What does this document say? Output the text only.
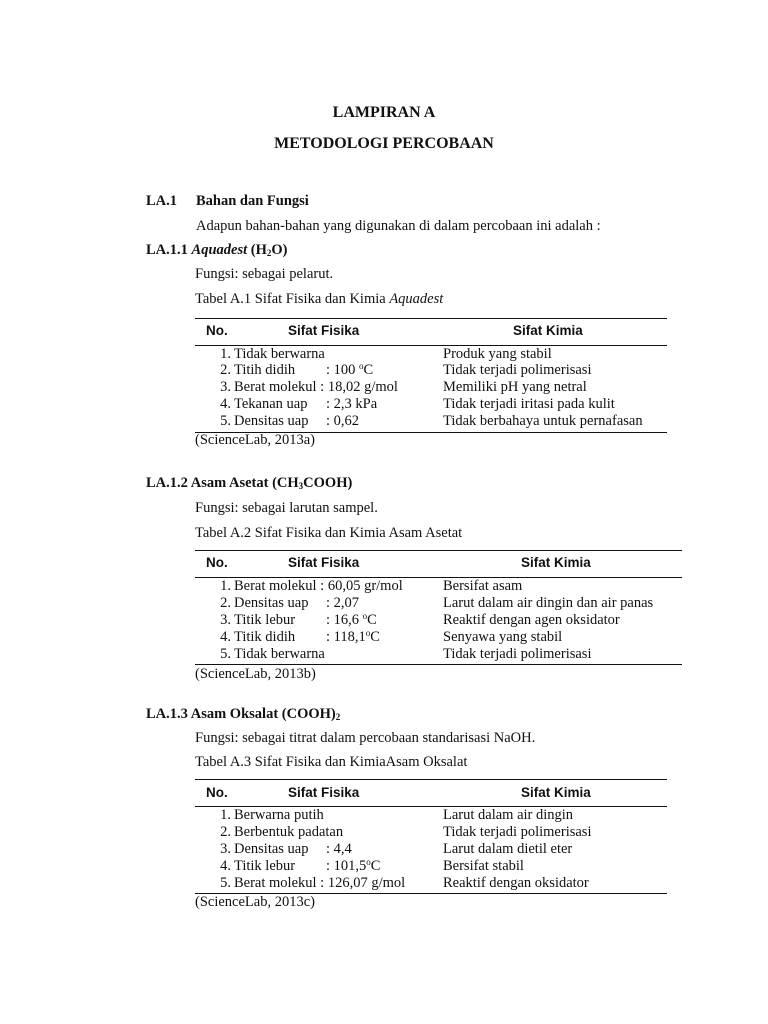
LAMPIRAN A
METODOLOGI PERCOBAAN
LA.1 Bahan dan Fungsi
Adapun bahan-bahan yang digunakan di dalam percobaan ini adalah :
LA.1.1 Aquadest $(H_2O)$
Fungsi: sebagai pelarut.
Tabel A.1 Sifat Fisika dan Kimia Aquadest
No.	Sifat Fisika	Sifat Kimia
1. Tidak berwarna	Produk yang stabil
2. Titih didih : 100 $^o$C	Tidak terjadi polimerisasi
3. Berat molekul : 18,02 g/mol	Memiliki pH yang netral
4. Tekanan uap : 2,3 kPa	Tidak terjadi iritasi pada kulit
5. Densitas uap : 0,62	Tidak berbahaya untuk pernafasan
(ScienceLab, 2013a)
LA.1.2 Asam Asetat $(CH_3COOH)$
Fungsi: sebagai larutan sampel.
Tabel A.2 Sifat Fisika dan Kimia Asam Asetat
No.	Sifat Fisika	Sifat Kimia
1. Berat molekul : 60,05 gr/mol	Bersifat asam
2. Densitas uap : 2,07	Larut dalam air dingin dan air panas
3. Titik lebur : 16,6 $^o$C	Reaktif dengan agen oksidator
4. Titik didih : 118,1$^o$C	Senyawa yang stabil
5. Tidak berwarna	Tidak terjadi polimerisasi
(ScienceLab, 2013b)
LA.1.3 Asam Oksalat $(COOH)_2$
Fungsi: sebagai titrat dalam percobaan standarisasi NaOH.
Tabel A.3 Sifat Fisika dan KimiaAsam Oksalat
No.	Sifat Fisika	Sifat Kimia
1. Berwarna putih	Larut dalam air dingin
2. Berbentuk padatan	Tidak terjadi polimerisasi
3. Densitas uap : 4,4	Larut dalam dietil eter
4. Titik lebur : 101,5$^o$C	Bersifat stabil
5. Berat molekul : 126,07 g/mol	Reaktif dengan oksidator
(ScienceLab, 2013c)
